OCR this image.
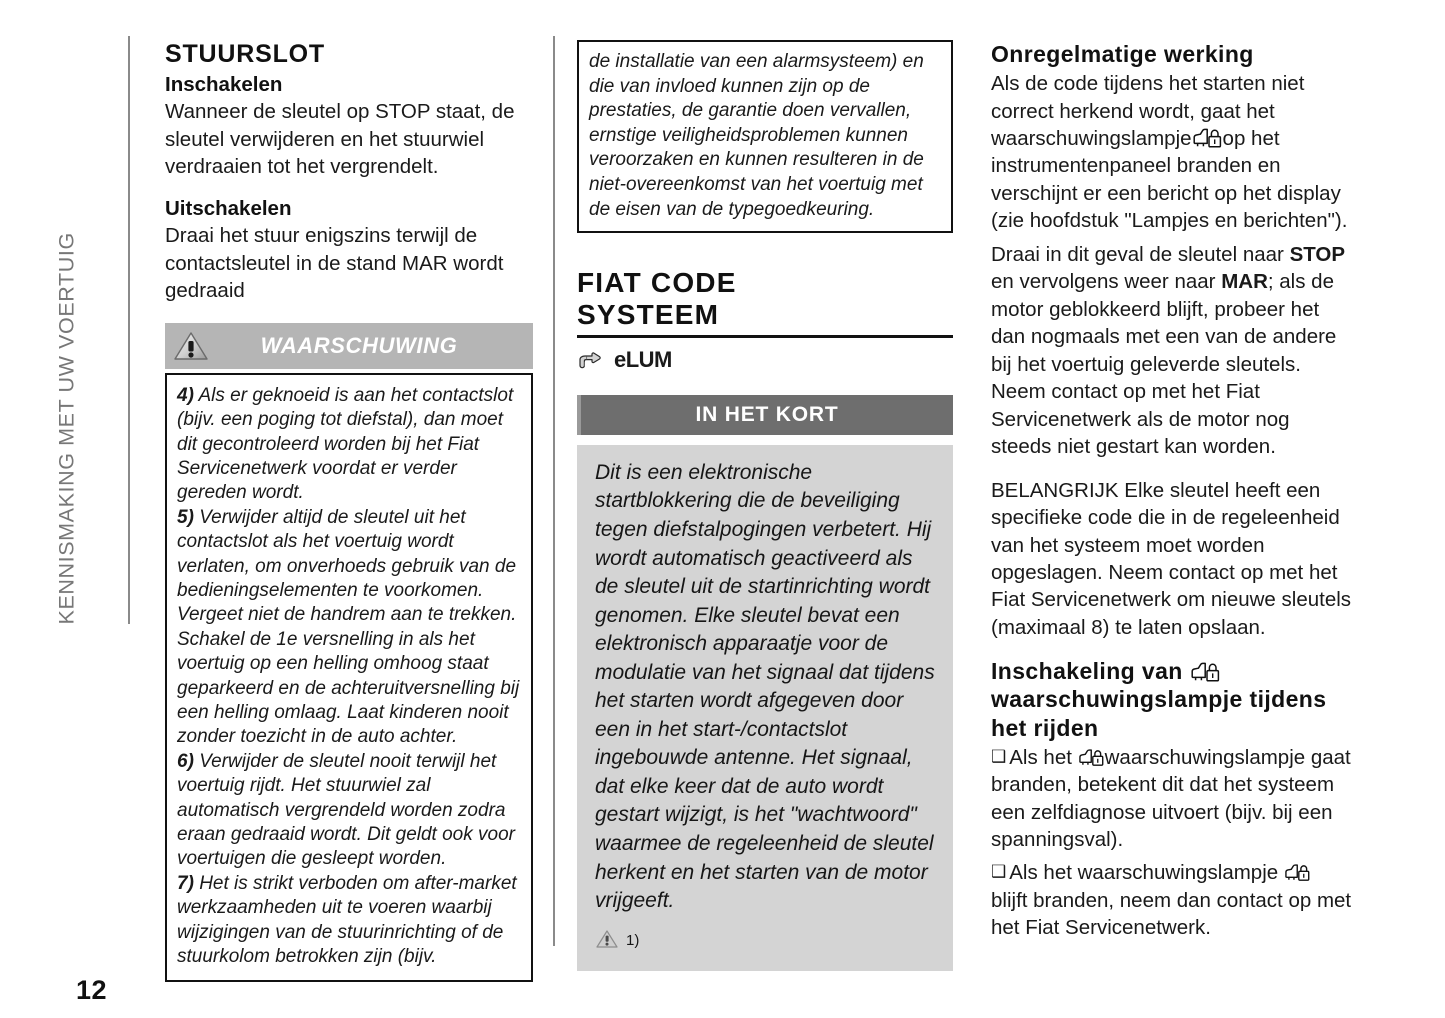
KENNISMAKING MET UW VOERTUIG
12
STUURSLOT
Inschakelen

Wanneer de sleutel op STOP staat, de sleutel verwijderen en het stuurwiel verdraaien tot het vergrendelt.

Uitschakelen

Draai het stuur enigszins terwijl de contactsleutel in de stand MAR wordt gedraaid

WAARSCHUWING

4) Als er geknoeid is aan het contactslot (bijv. een poging tot diefstal), dan moet dit gecontroleerd worden bij het Fiat Servicenetwerk voordat er verder gereden wordt.

5) Verwijder altijd de sleutel uit het contactslot als het voertuig wordt verlaten, om onverhoeds gebruik van de bedieningselementen te voorkomen. Vergeet niet de handrem aan te trekken. Schakel de 1e versnelling in als het voertuig op een helling omhoog staat geparkeerd en de achteruitversnelling bij een helling omlaag. Laat kinderen nooit zonder toezicht in de auto achter.

6) Verwijder de sleutel nooit terwijl het voertuig rijdt. Het stuurwiel zal automatisch vergrendeld worden zodra eraan gedraaid wordt. Dit geldt ook voor voertuigen die gesleept worden.

7) Het is strikt verboden om after-market werkzaamheden uit te voeren waarbij wijzigingen van de stuurinrichting of de stuurkolom betrokken zijn (bijv.

de installatie van een alarmsysteem) en die van invloed kunnen zijn op de prestaties, de garantie doen vervallen, ernstige veiligheidsproblemen kunnen veroorzaken en kunnen resulteren in de niet-overeenkomst van het voertuig met de eisen van de typegoedkeuring.

FIAT CODE
SYSTEEM
eLUM
IN HET KORT

Dit is een elektronische startblokkering die de beveiliging tegen diefstalpogingen verbetert. Hij wordt automatisch geactiveerd als de sleutel uit de startinrichting wordt genomen. Elke sleutel bevat een elektronisch apparaatje voor de modulatie van het signaal dat tijdens het starten wordt afgegeven door een in het start-/contactslot ingebouwde antenne. Het signaal, dat elke keer dat de auto wordt gestart wijzigt, is het "wachtwoord" waarmee de regeleenheid de sleutel herkent en het starten van de motor vrijgeeft.

1)
Onregelmatige werking

Als de code tijdens het starten niet correct herkend wordt, gaat het waarschuwingslampje op het instrumentenpaneel branden en verschijnt er een bericht op het display (zie hoofdstuk "Lampjes en berichten").

Draai in dit geval de sleutel naar STOP en vervolgens weer naar MAR; als de motor geblokkeerd blijft, probeer het dan nogmaals met een van de andere bij het voertuig geleverde sleutels. Neem contact op met het Fiat Servicenetwerk als de motor nog steeds niet gestart kan worden.

BELANGRIJK Elke sleutel heeft een specifieke code die in de regeleenheid van het systeem moet worden opgeslagen. Neem contact op met het Fiat Servicenetwerk om nieuwe sleutels (maximaal 8) te laten opslaan.

Inschakeling van
waarschuwingslampje tijdens het rijden

❑ Als het waarschuwingslampje gaat branden, betekent dit dat het systeem een zelfdiagnose uitvoert (bijv. bij een spanningsval).

❑ Als het waarschuwingslampje
blijft branden, neem dan contact op met het Fiat Servicenetwerk.
